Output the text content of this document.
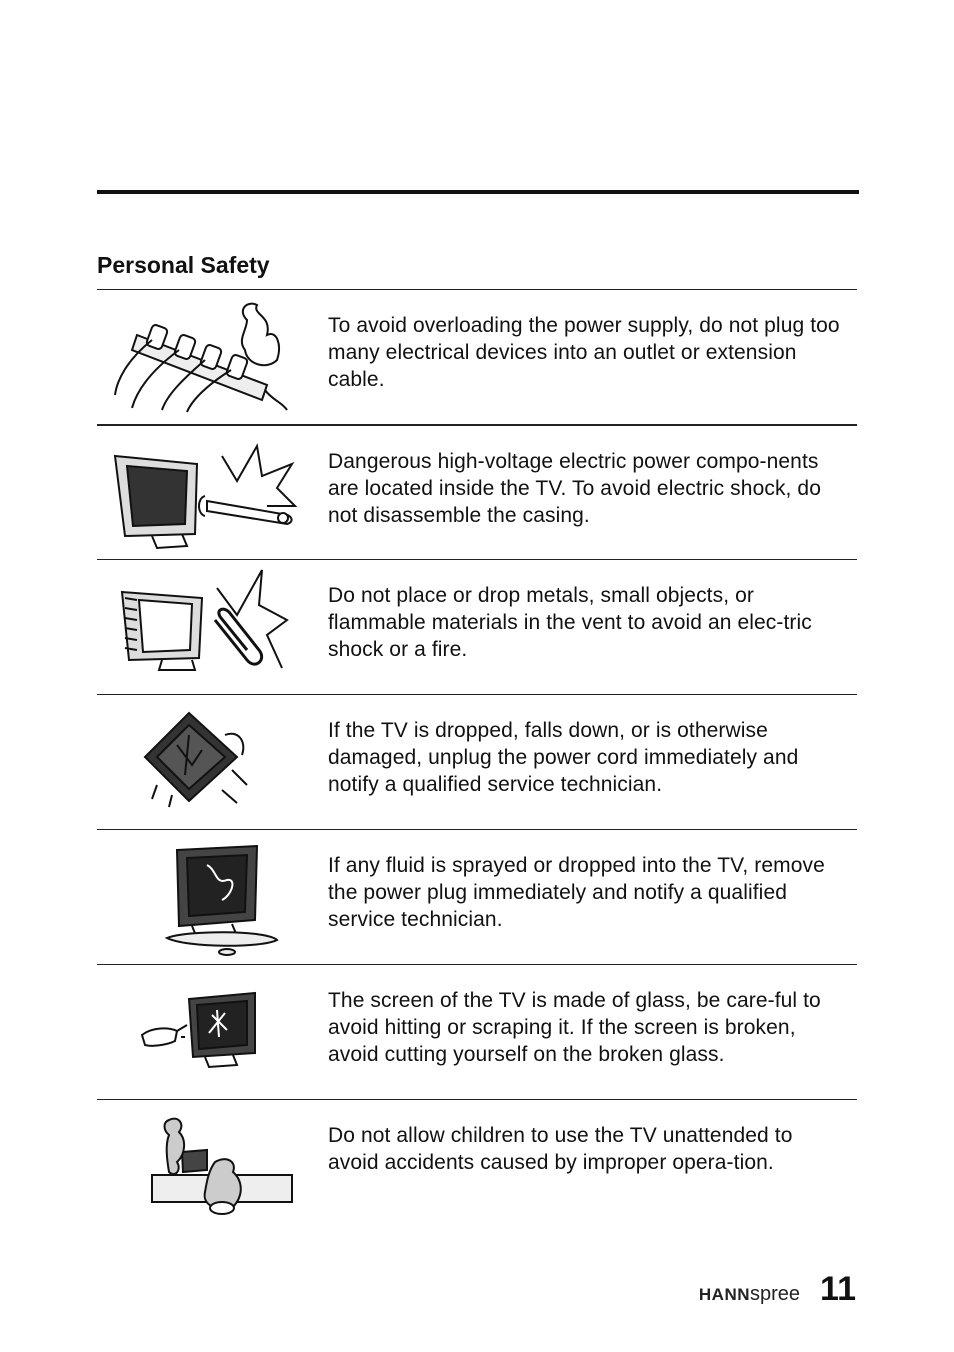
Personal Safety
To avoid overloading the power supply, do not plug too many electrical devices into an outlet or extension cable.
Dangerous high-voltage electric power compo-nents are located inside the TV. To avoid electric shock, do not disassemble the casing.
Do not place or drop metals, small objects, or flammable materials in the vent to avoid an elec-tric shock or a fire.
If the TV is dropped, falls down, or is otherwise damaged, unplug the power cord immediately and notify a qualified service technician.
If any fluid is sprayed or dropped into the TV, remove the power plug immediately and notify a qualified service technician.
The screen of the TV is made of glass, be care-ful to avoid hitting or scraping it. If the screen is broken, avoid cutting yourself on the broken glass.
Do not allow children to use the TV unattended to avoid accidents caused by improper opera-tion.
HANNspree 11
